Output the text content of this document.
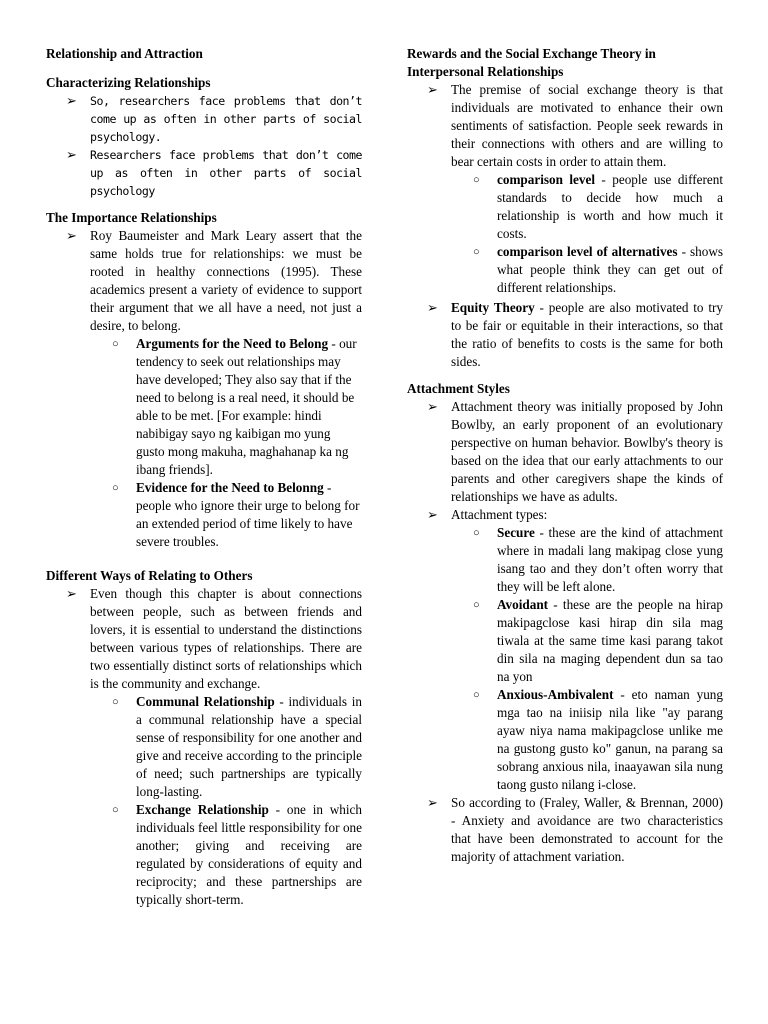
Relationship and Attraction
Characterizing Relationships
➢	So, researchers face problems that don’t come up as often in other parts of social psychology.
➢	Researchers face problems that don’t come up as often in other parts of social psychology
The Importance Relationships
➢ Roy Baumeister and Mark Leary assert that the same holds true for relationships: we must be rooted in healthy connections (1995). These academics present a variety of evidence to support their argument that we all have a need, not just a desire, to belong.
○	Arguments for the Need to Belong - our tendency to seek out relationships may have developed; They also say that if the need to belong is a real need, it should be able to be met. [For example: hindi nabibigay sayo ng kaibigan mo yung gusto mong makuha, maghahanap ka ng ibang friends].
○	Evidence for the Need to Belonng - people who ignore their urge to belong for an extended period of time likely to have severe troubles.
Different Ways of Relating to Others
➢ Even though this chapter is about connections between people, such as between friends and lovers, it is essential to understand the distinctions between various types of relationships. There are two essentially distinct sorts of relationships which is the community and exchange.
○	Communal Relationship - individuals in a communal relationship have a special sense of responsibility for one another and give and receive according to the principle of need; such partnerships are typically long-lasting.
○	Exchange Relationship - one in which individuals feel little responsibility for one another; giving and receiving are regulated by considerations of equity and reciprocity; and these partnerships are typically short-term.
Rewards and the Social Exchange Theory in Interpersonal Relationships
➢ The premise of social exchange theory is that individuals are motivated to enhance their own sentiments of satisfaction. People seek rewards in their connections with others and are willing to bear certain costs in order to attain them.
○	comparison level - people use different standards to decide how much a relationship is worth and how much it costs.
○	comparison level of alternatives - shows what people think they can get out of different relationships.
➢ Equity Theory - people are also motivated to try to be fair or equitable in their interactions, so that the ratio of benefits to costs is the same for both sides.
Attachment Styles
➢ Attachment theory was initially proposed by John Bowlby, an early proponent of an evolutionary perspective on human behavior. Bowlby's theory is based on the idea that our early attachments to our parents and other caregivers shape the kinds of relationships we have as adults.
➢ Attachment types:
○	Secure - these are the kind of attachment where in madali lang makipag close yung isang tao and they don’t often worry that they will be left alone.
○	Avoidant - these are the people na hirap makipagclose kasi hirap din sila mag tiwala at the same time kasi parang takot din sila na maging dependent dun sa tao na yon
○	Anxious-Ambivalent - eto naman yung mga tao na iniisip nila like "ay parang ayaw niya nama makipagclose unlike me na gustong gusto ko" ganun, na parang sa sobrang anxious nila, inaayawan sila nung taong gusto nilang i-close.
➢ So according to (Fraley, Waller, & Brennan, 2000) - Anxiety and avoidance are two characteristics that have been demonstrated to account for the majority of attachment variation.
